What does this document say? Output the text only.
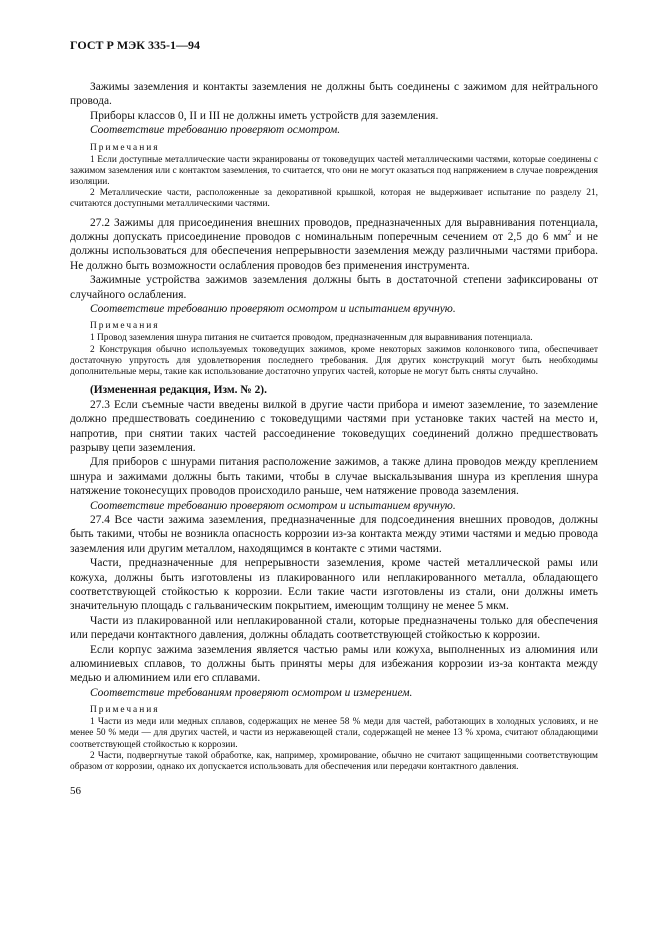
ГОСТ Р МЭК 335-1—94

Зажимы заземления и контакты заземления не должны быть соединены с зажимом для нейтрального провода.

Приборы классов 0, II и III не должны иметь устройств для заземления.

Соответствие требованию проверяют осмотром.

Примечания

1 Если доступные металлические части экранированы от токоведущих частей металлическими частями, которые соединены с зажимом заземления или с контактом заземления, то считается, что они не могут оказаться под напряжением в случае повреждения изоляции.

2 Металлические части, расположенные за декоративной крышкой, которая не выдерживает испытание по разделу 21, считаются доступными металлическими частями.

27.2 Зажимы для присоединения внешних проводов, предназначенных для выравнивания потенциала, должны допускать присоединение проводов с номинальным поперечным сечением от 2,5 до 6 $мм^2$ и не должны использоваться для обеспечения непрерывности заземления между различными частями прибора. Не должно быть возможности ослабления проводов без применения инструмента.

Зажимные устройства зажимов заземления должны быть в достаточной степени зафиксированы от случайного ослабления.

Соответствие требованию проверяют осмотром и испытанием вручную.

Примечания

1 Провод заземления шнура питания не считается проводом, предназначенным для выравнивания потенциала.

2 Конструкция обычно используемых токоведущих зажимов, кроме некоторых зажимов колонкового типа, обеспечивает достаточную упругость для удовлетворения последнего требования. Для других конструкций могут быть необходимы дополнительные меры, такие как использование достаточно упругих частей, которые не могут быть сняты случайно.

(Измененная редакция, Изм. № 2).

27.3 Если съемные части введены вилкой в другие части прибора и имеют заземление, то заземление должно предшествовать соединению с токоведущими частями при установке таких частей на место и, напротив, при снятии таких частей рассоединение токоведущих соединений должно предшествовать разрыву цепи заземления.

Для приборов с шнурами питания расположение зажимов, а также длина проводов между креплением шнура и зажимами должны быть такими, чтобы в случае выскальзывания шнура из крепления шнура натяжение токонесущих проводов происходило раньше, чем натяжение провода заземления.

Соответствие требованию проверяют осмотром и испытанием вручную.

27.4 Все части зажима заземления, предназначенные для подсоединения внешних проводов, должны быть такими, чтобы не возникла опасность коррозии из-за контакта между этими частями и медью провода заземления или другим металлом, находящимся в контакте с этими частями.

Части, предназначенные для непрерывности заземления, кроме частей металлической рамы или кожуха, должны быть изготовлены из плакированного или неплакированного металла, обладающего соответствующей стойкостью к коррозии. Если такие части изготовлены из стали, они должны иметь значительную площадь с гальваническим покрытием, имеющим толщину не менее 5 мкм.

Части из плакированной или неплакированной стали, которые предназначены только для обеспечения или передачи контактного давления, должны обладать соответствующей стойкостью к коррозии.

Если корпус зажима заземления является частью рамы или кожуха, выполненных из алюминия или алюминиевых сплавов, то должны быть приняты меры для избежания коррозии из-за контакта между медью и алюминием или его сплавами.

Соответствие требованиям проверяют осмотром и измерением.

Примечания

1 Части из меди или медных сплавов, содержащих не менее 58 % меди для частей, работающих в холодных условиях, и не менее 50 % меди — для других частей, и части из нержавеющей стали, содержащей не менее 13 % хрома, считают обладающими соответствующей стойкостью к коррозии.

2 Части, подвергнутые такой обработке, как, например, хромирование, обычно не считают защищенными соответствующим образом от коррозии, однако их допускается использовать для обеспечения или передачи контактного давления.

56
